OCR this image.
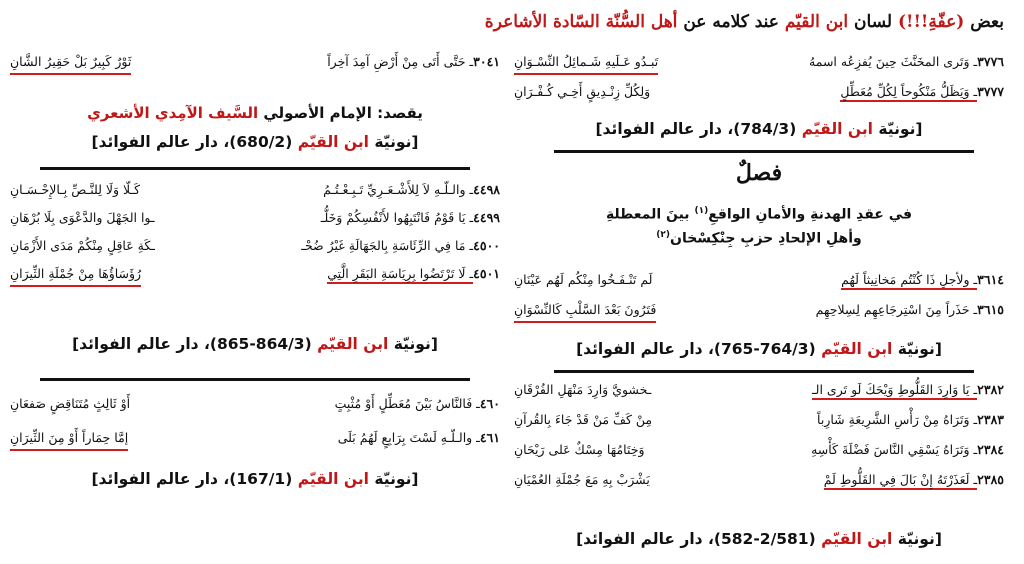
بعض (عفّةِ!!!) لسان ابن القيّم عند كلامه عن أهل السُّنّة السّادة الأشاعرة
٣٧٧٦ـ وَتَرى المخَنَّثَ حِينَ يُفزِعُه اسمهُ
تَبـدُو عَـلَيهِ شَـمائِلُ النِّسْـوَانِ
٣٧٧٧ـ وَيَظَلُّ مَنْكُوحاً لِكُلِّ مُعَطِّلٍ
وَلِكُلِّ زِنْـدِيقٍ أَخِـي كُـفْـرَانِ
[نونيّة ابن القيّم (784/3)، دار عالم الفوائد]
فصلٌ
في عقدِ الهدنةِ والأمانِ الواقعِ$^{(١)}$ بينَ المعطلةِ
وأهلِ الإلحادِ حزبِ جِنْكِسْخان$^{(٢)}$
٣٦١٤ـ ولأجلِ ذَا كُنْتُم مَخانِيثاً لَهُم
لَم تَنْـفَـخُوا مِنْكُم لَهُم عَيْنَانِ
٣٦١٥ـ حَذَراً مِنَ اسْتِرجَاعِهِم لِسِلاحِهِم
فَتَرُونَ بَعْدَ السَّلْبِ كَالنِّسْوَانِ
[نونيّة ابن القيّم (764/3-765)، دار عالم الفوائد]
٢٣٨٢ـ يَا وَارِدَ القَلُّوطِ وَيْحَكَ لَو تَرى الـ
ـخشويَّ وَارِدَ مَنْهَلِ الفُرْقَانِ
٢٣٨٣ـ وَتَرَاهُ مِنْ رَأْسِ الشَّرِيعَةِ شَارِباً
مِنْ كَفِّ مَنْ قَدْ جَاءَ بِالقُرآنِ
٢٣٨٤ـ وَتَرَاهُ يَسْقِي النَّاسَ فَضْلَةَ كَأْسِهِ
وَخِتَامُهَا مِسْكٌ عَلى رَيْحَانِ
٢٣٨٥ـ لَعَذَرْتَهُ إِنْ بَالَ فِي القَلُّوطِ لَمْ
يَشْرَبْ بِهِ مَعَ جُمْلَةِ العُمْيَانِ
[نونيّة ابن القيّم (2/581-582)، دار عالم الفوائد]
٣٠٤١ـ حَتَّى أَتَى مِنْ أَرْضِ آمِدَ آخِراً
ثَوْرٌ كَبِيرٌ بَلْ حَقِيرُ الشَّانِ
يقصد: الإمام الأصولي السَّيف الآمِدي الأشعري
[نونيّة ابن القيّم (680/2)، دار عالم الفوائد]
٤٤٩٨ـ والـلّـهِ لاَ لِلأَشْـعَـرِيِّ تَـبِـعْـتُـمُ
كَـلّا وَلَا لِلنَّـصِّ بِـالإِحْـسَـانِ
٤٤٩٩ـ يَا قَوْمُ فَانْتَبِهُوا لأَنْفُسِكُمْ وَخَلُّـ
ـوا الجَهْلَ والدَّعْوَى بِلَا بُرْهَانِ
٤٥٠٠ـ مَا فِي الرِّئَاسَةِ بِالجَهَالَةِ غَيْرُ ضُحْـ
ـكَةِ عَاقِلٍ مِنْكُمْ مَدَى الأَزْمَانِ
٤٥٠١ـ لَا تَرْتَضُوا بِرِيَاسَةِ البَقَرِ الَّتِي
رُؤَسَاؤُهَا مِنْ جُمْلَةِ الثِّيرَانِ
[نونيّة ابن القيّم (864/3-865)، دار عالم الفوائد]
٤٦٠ـ فَالنَّاسُ بَيْنَ مُعَطِّلٍ أَوْ مُثْبِتٍ
أَوْ ثَالِثٍ مُتَنَاقِضٍ صَفعَانِ
٤٦١ـ والـلّـهِ لَسْتَ بِرَابِعٍ لَهُمُ بَلَى
إمَّا حِمَاراً أَوْ مِنَ الثِّيرَانِ
[نونيّة ابن القيّم (167/1)، دار عالم الفوائد]
